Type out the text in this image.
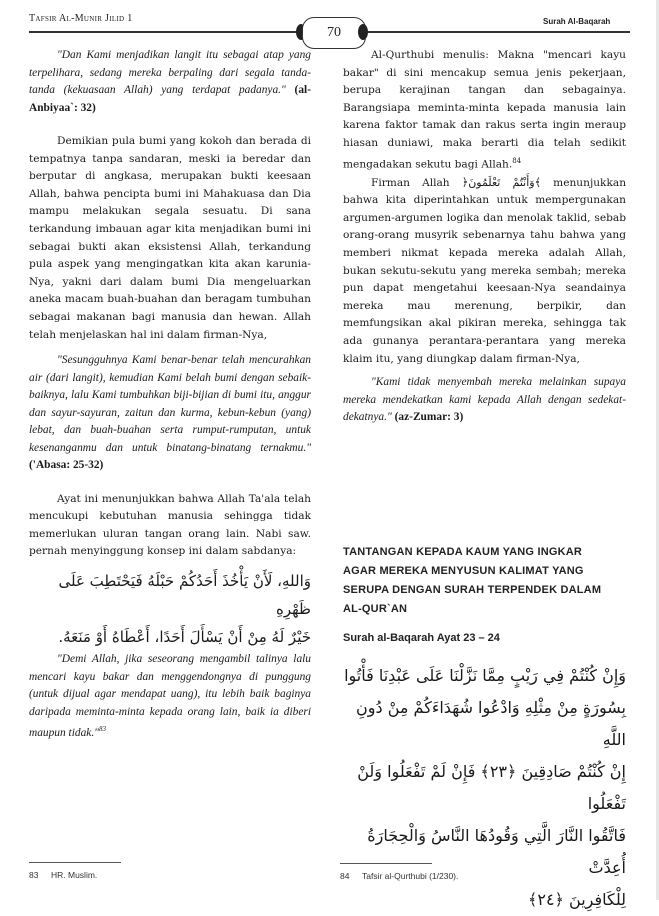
Tafsir Al-Munir Jilid 1
70
Surah Al-Baqarah

"Dan Kami menjadikan langit itu sebagai atap yang terpelihara, sedang mereka berpaling dari segala tanda-tanda (kekuasaan Allah) yang terdapat padanya." (al-Anbiyaa`: 32)

Demikian pula bumi yang kokoh dan berada di tempatnya tanpa sandaran, meski ia beredar dan berputar di angkasa, merupakan bukti keesaan Allah, bahwa pencipta bumi ini Mahakuasa dan Dia mampu melakukan segala sesuatu. Di sana terkandung imbauan agar kita menjadikan bumi ini sebagai bukti akan eksistensi Allah, terkandung pula aspek yang mengingatkan kita akan karunia-Nya, yakni dari dalam bumi Dia mengeluarkan aneka macam buah-buahan dan beragam tumbuhan sebagai makanan bagi manusia dan hewan. Allah telah menjelaskan hal ini dalam firman-Nya,

"Sesungguhnya Kami benar-benar telah mencurahkan air (dari langit), kemudian Kami belah bumi dengan sebaik-baiknya, lalu Kami tumbuhkan biji-bijian di bumi itu, anggur dan sayur-sayuran, zaitun dan kurma, kebun-kebun (yang) lebat, dan buah-buahan serta rumput-rumputan, untuk kesenanganmu dan untuk binatang-binatang ternakmu." ('Abasa: 25-32)

Ayat ini menunjukkan bahwa Allah Ta'ala telah mencukupi kebutuhan manusia sehingga tidak memerlukan uluran tangan orang lain. Nabi saw. pernah menyinggung konsep ini dalam sabdanya:

وَاللهِ، لَأَنْ يَأْخُذَ أَحَدُكُمْ حَبْلَهُ فَيَحْتَطِبَ عَلَى ظَهْرِهِ
خَيْرٌ لَهُ مِنْ أَنْ يَسْأَلَ أَحَدًا، أَعْطَاهُ أَوْ مَنَعَهُ.

"Demi Allah, jika seseorang mengambil talinya lalu mencari kayu bakar dan menggendongnya di punggung (untuk dijual agar mendapat uang), itu lebih baik baginya daripada meminta-minta kepada orang lain, baik ia diberi maupun tidak."$^{83}$

83 HR. Muslim.

Al-Qurthubi menulis: Makna "mencari kayu bakar" di sini mencakup semua jenis pekerjaan, berupa kerajinan tangan dan sebagainya. Barangsiapa meminta-minta kepada manusia lain karena faktor tamak dan rakus serta ingin meraup hiasan duniawi, maka berarti dia telah sedikit mengadakan sekutu bagi Allah.$^{84}$

Firman Allah ﴿وَأَنْتُمْ تَعْلَمُونَ﴾ menunjukkan bahwa kita diperintahkan untuk mempergunakan argumen-argumen logika dan menolak taklid, sebab orang-orang musyrik sebenarnya tahu bahwa yang memberi nikmat kepada mereka adalah Allah, bukan sekutu-sekutu yang mereka sembah; mereka pun dapat mengetahui keesaan-Nya seandainya mereka mau merenung, berpikir, dan memfungsikan akal pikiran mereka, sehingga tak ada gunanya perantara-perantara yang mereka klaim itu, yang diungkap dalam firman-Nya,

"Kami tidak menyembah mereka melainkan supaya mereka mendekatkan kami kepada Allah dengan sedekat-dekatnya." (az-Zumar: 3)

TANTANGAN KEPADA KAUM YANG INGKAR AGAR MEREKA MENYUSUN KALIMAT YANG SERUPA DENGAN SURAH TERPENDEK DALAM AL-QUR`AN
Surah al-Baqarah Ayat 23 – 24
وَإِنْ كُنْتُمْ فِي رَيْبٍ مِمَّا نَزَّلْنَا عَلَى عَبْدِنَا فَأْتُوا
بِسُورَةٍ مِنْ مِثْلِهِ وَادْعُوا شُهَدَاءَكُمْ مِنْ دُونِ اللَّهِ
إِنْ كُنْتُمْ صَادِقِينَ ﴿٢٣﴾ فَإِنْ لَمْ تَفْعَلُوا وَلَنْ تَفْعَلُوا
فَاتَّقُوا النَّارَ الَّتِي وَقُودُهَا النَّاسُ وَالْحِجَارَةُ أُعِدَّتْ
لِلْكَافِرِينَ ﴿٢٤﴾
84 Tafsir al-Qurthubi (1/230).
